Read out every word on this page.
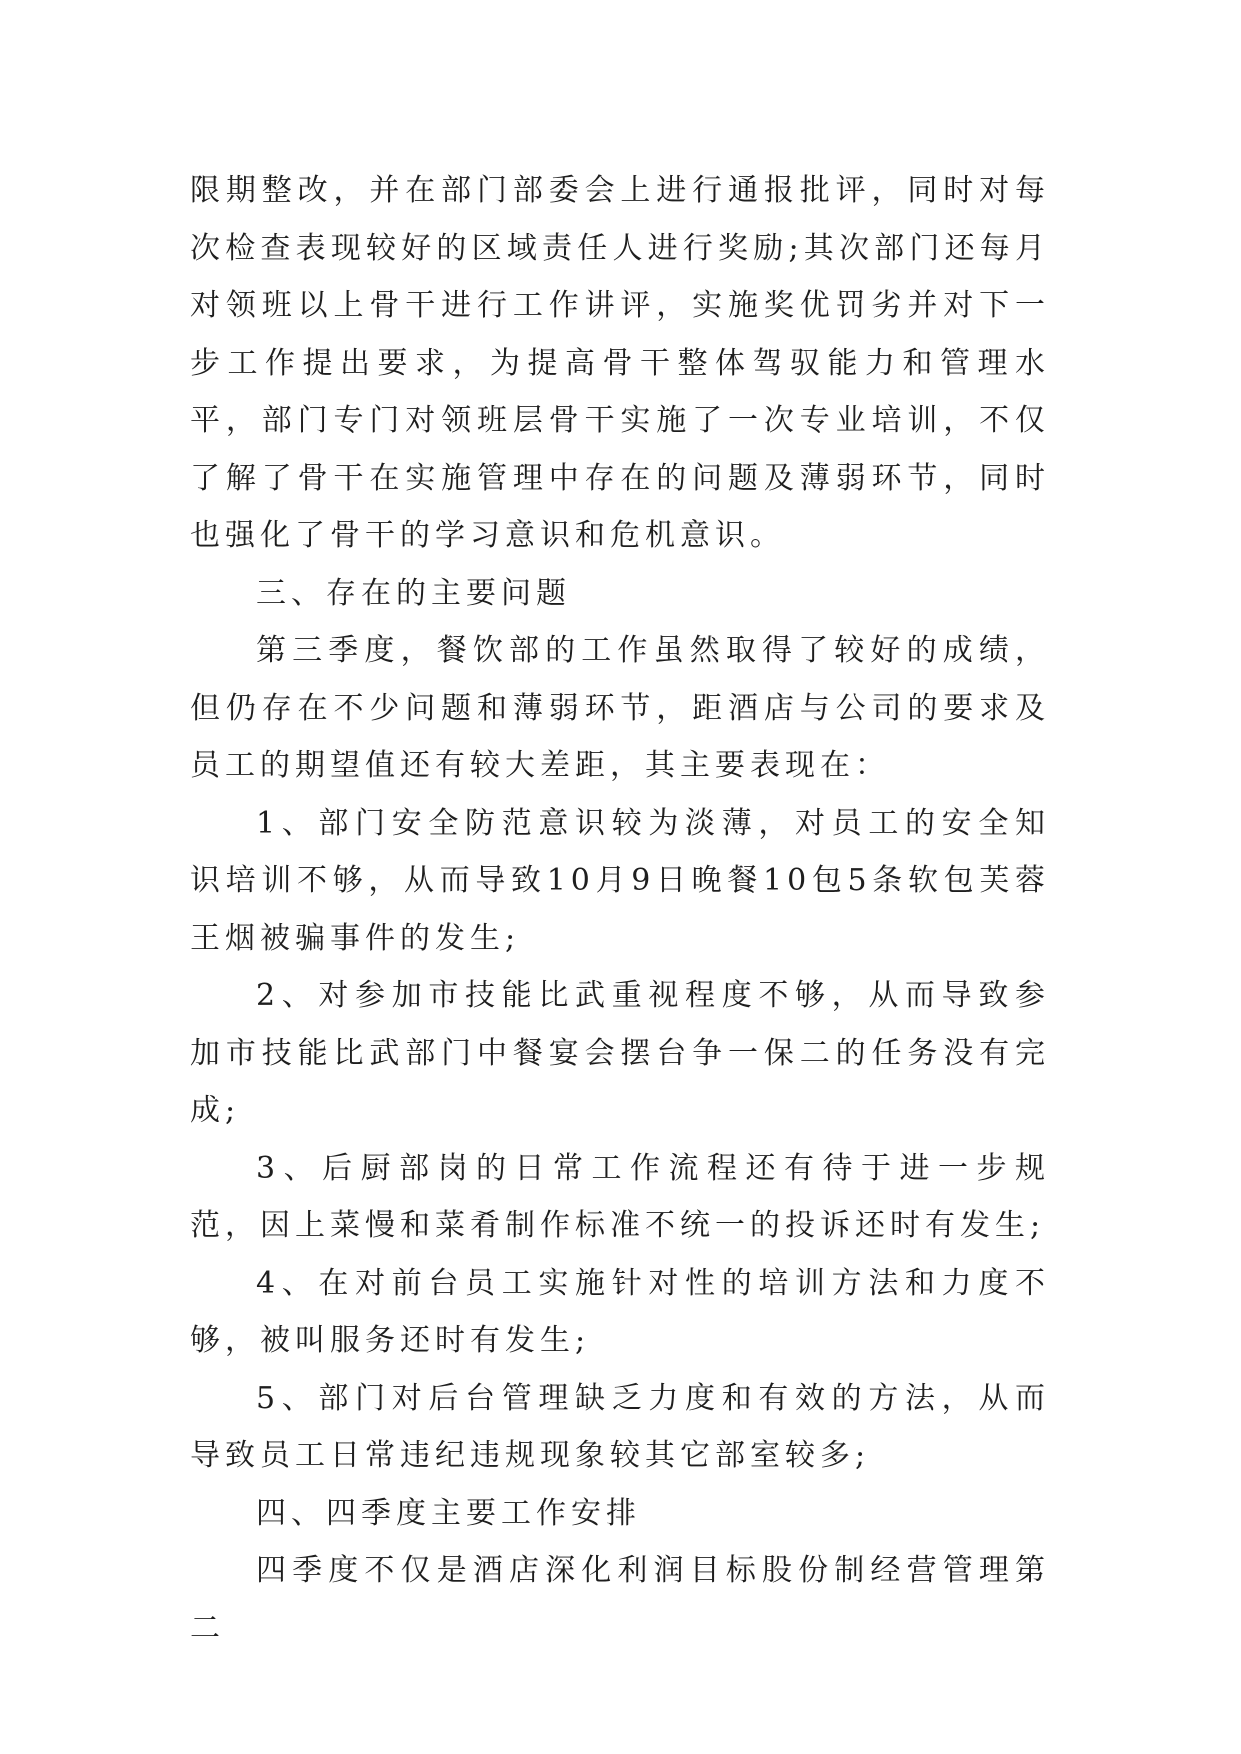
限期整改，并在部门部委会上进行通报批评，同时对每次检查表现较好的区域责任人进行奖励;其次部门还每月对领班以上骨干进行工作讲评，实施奖优罚劣并对下一步工作提出要求，为提高骨干整体驾驭能力和管理水平，部门专门对领班层骨干实施了一次专业培训，不仅了解了骨干在实施管理中存在的问题及薄弱环节，同时也强化了骨干的学习意识和危机意识。

三、存在的主要问题

第三季度，餐饮部的工作虽然取得了较好的成绩，但仍存在不少问题和薄弱环节，距酒店与公司的要求及员工的期望值还有较大差距，其主要表现在：

1、部门安全防范意识较为淡薄，对员工的安全知识培训不够，从而导致10月9日晚餐10包5条软包芙蓉王烟被骗事件的发生;

2、对参加市技能比武重视程度不够，从而导致参加市技能比武部门中餐宴会摆台争一保二的任务没有完成;

3、后厨部岗的日常工作流程还有待于进一步规范，因上菜慢和菜肴制作标准不统一的投诉还时有发生;

4、在对前台员工实施针对性的培训方法和力度不够，被叫服务还时有发生;

5、部门对后台管理缺乏力度和有效的方法，从而导致员工日常违纪违规现象较其它部室较多;

四、四季度主要工作安排

四季度不仅是酒店深化利润目标股份制经营管理第二
